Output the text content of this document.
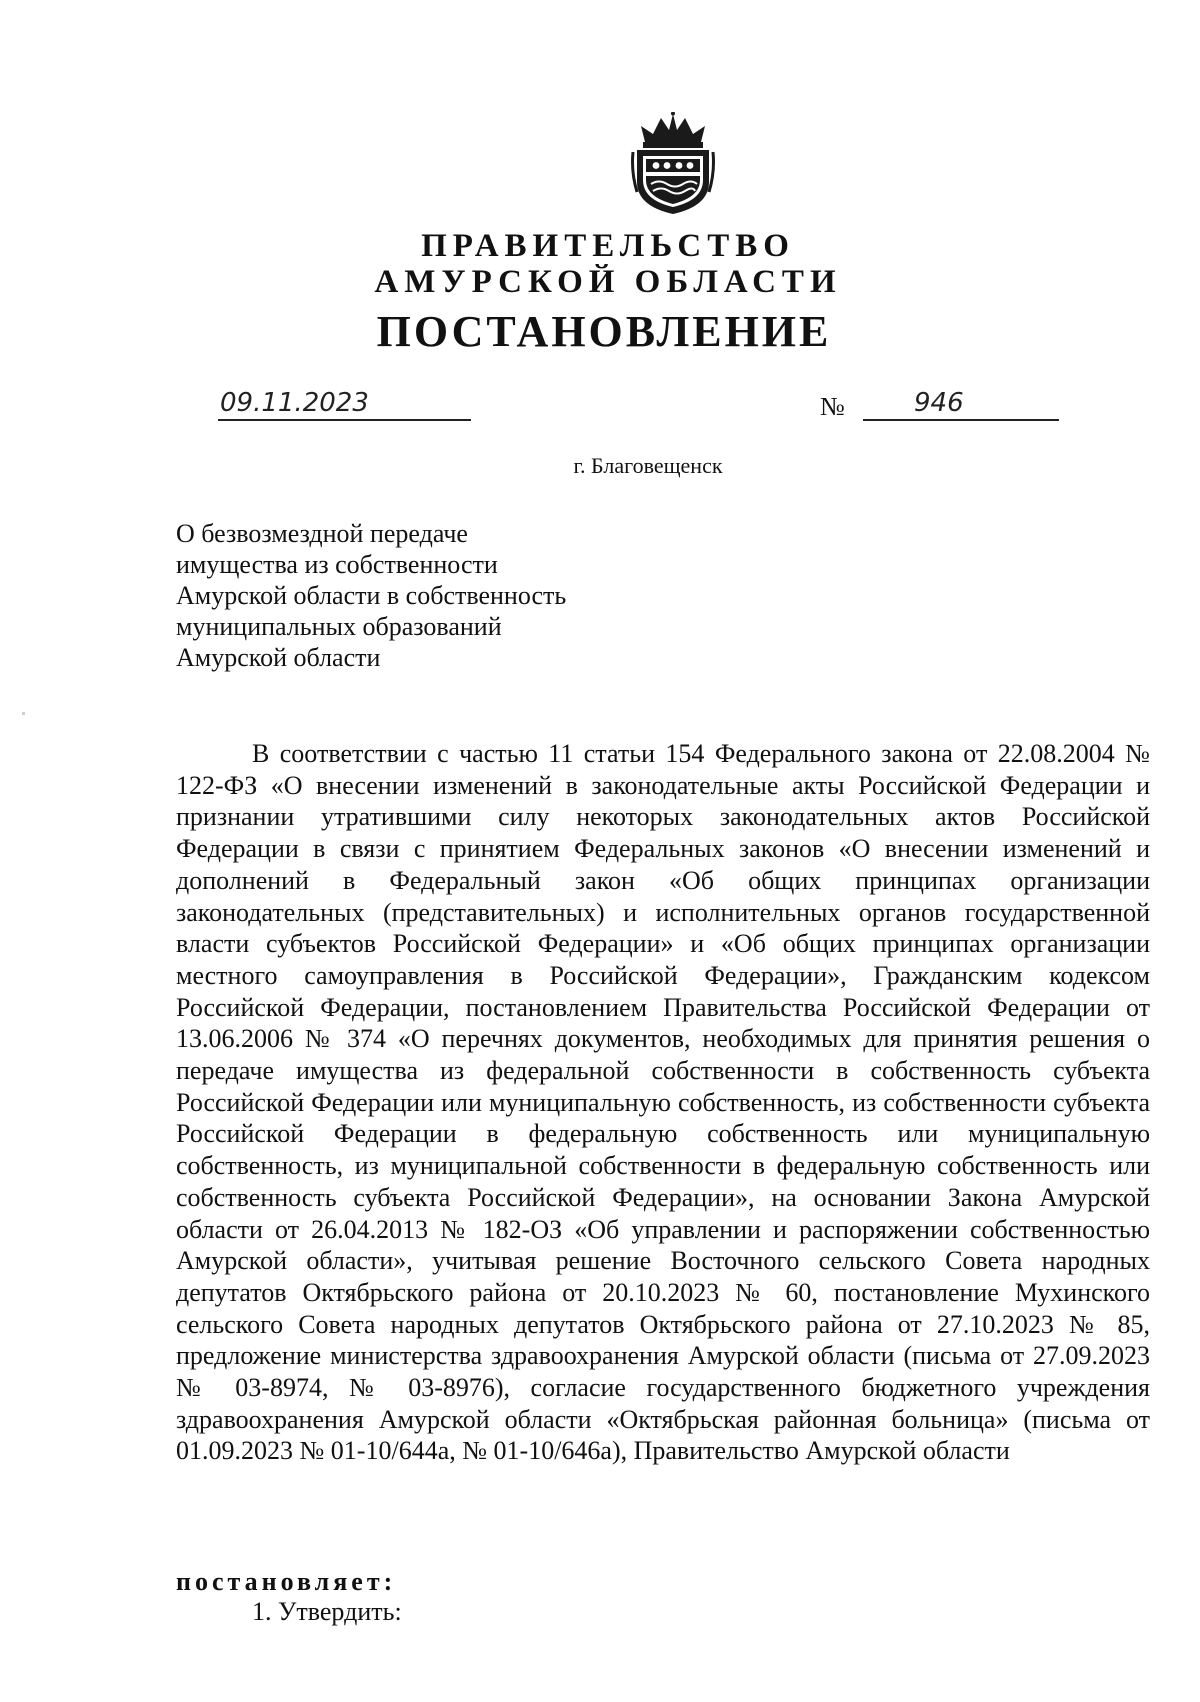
ПРАВИТЕЛЬСТВО
АМУРСКОЙ ОБЛАСТИ
ПОСТАНОВЛЕНИЕ
09.11.2023	№	946
г. Благовещенск
О безвозмездной передаче
имущества из собственности
Амурской области в собственность
муниципальных образований
Амурской области
В соответствии с частью 11 статьи 154 Федерального закона от 22.08.2004 № 122-ФЗ «О внесении изменений в законодательные акты Российской Федерации и признании утратившими силу некоторых законодательных актов Российской Федерации в связи с принятием Федеральных законов «О внесении изменений и дополнений в Федеральный закон «Об общих принципах организации законодательных (представительных) и исполнительных органов государственной власти субъектов Российской Федерации» и «Об общих принципах организации местного самоуправления в Российской Федерации», Гражданским кодексом Российской Федерации, постановлением Правительства Российской Федерации от 13.06.2006 № 374 «О перечнях документов, необходимых для принятия решения о передаче имущества из федеральной собственности в собственность субъекта Российской Федерации или муниципальную собственность, из собственности субъекта Российской Федерации в федеральную собственность или муниципальную собственность, из муниципальной собственности в федеральную собственность или собственность субъекта Российской Федерации», на основании Закона Амурской области от 26.04.2013 № 182-ОЗ «Об управлении и распоряжении собственностью Амурской области», учитывая решение Восточного сельского Совета народных депутатов Октябрьского района от 20.10.2023 № 60, постановление Мухинского сельского Совета народных депутатов Октябрьского района от 27.10.2023 № 85, предложение министерства здравоохранения Амурской области (письма от 27.09.2023 № 03-8974, № 03-8976), согласие государственного бюджетного учреждения здравоохранения Амурской области «Октябрьская районная больница» (письма от 01.09.2023 № 01-10/644а, № 01-10/646а), Правительство Амурской области
постановляет:
1. Утвердить:
